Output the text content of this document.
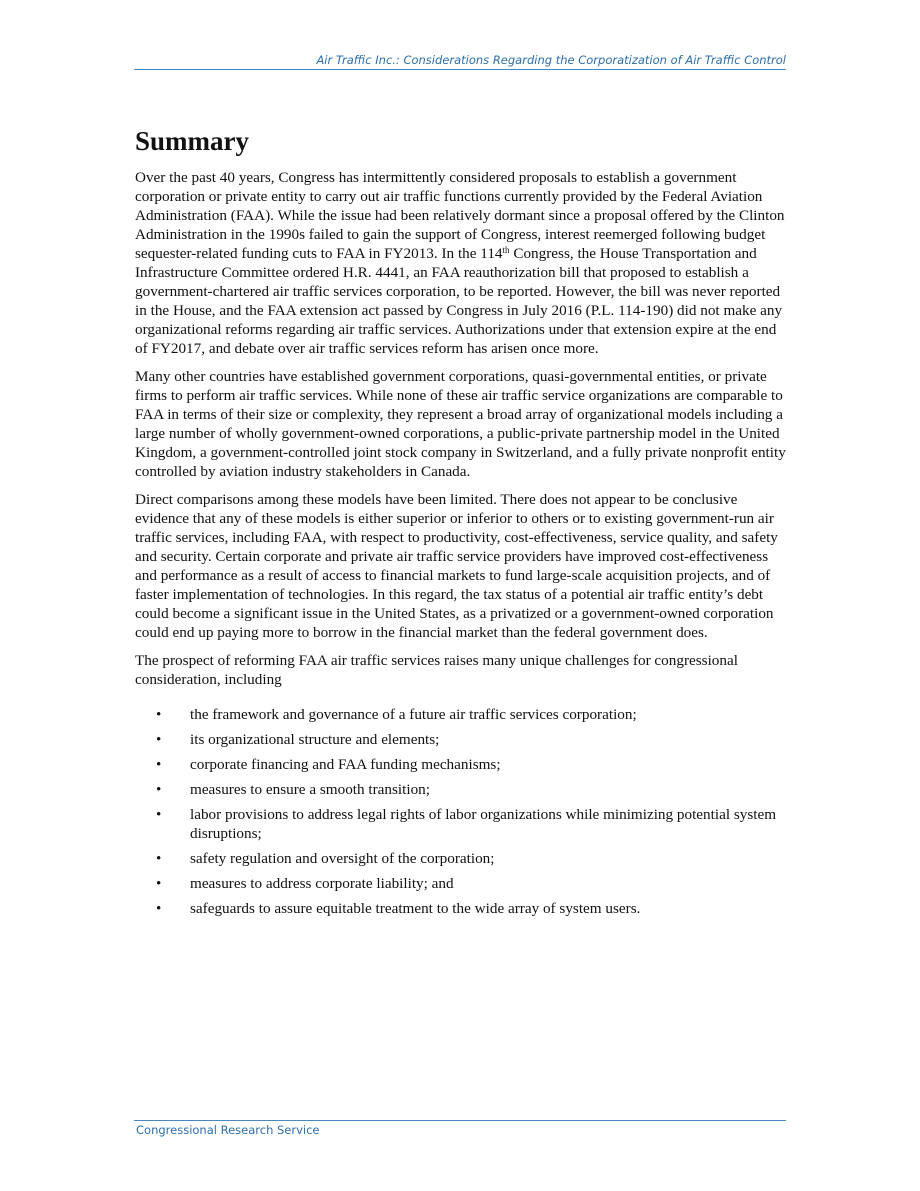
Air Traffic Inc.: Considerations Regarding the Corporatization of Air Traffic Control
Summary

Over the past 40 years, Congress has intermittently considered proposals to establish a government corporation or private entity to carry out air traffic functions currently provided by the Federal Aviation Administration (FAA). While the issue had been relatively dormant since a proposal offered by the Clinton Administration in the 1990s failed to gain the support of Congress, interest reemerged following budget sequester-related funding cuts to FAA in FY2013. In the 114th Congress, the House Transportation and Infrastructure Committee ordered H.R. 4441, an FAA reauthorization bill that proposed to establish a government-chartered air traffic services corporation, to be reported. However, the bill was never reported in the House, and the FAA extension act passed by Congress in July 2016 (P.L. 114-190) did not make any organizational reforms regarding air traffic services. Authorizations under that extension expire at the end of FY2017, and debate over air traffic services reform has arisen once more.

Many other countries have established government corporations, quasi-governmental entities, or private firms to perform air traffic services. While none of these air traffic service organizations are comparable to FAA in terms of their size or complexity, they represent a broad array of organizational models including a large number of wholly government-owned corporations, a public-private partnership model in the United Kingdom, a government-controlled joint stock company in Switzerland, and a fully private nonprofit entity controlled by aviation industry stakeholders in Canada.

Direct comparisons among these models have been limited. There does not appear to be conclusive evidence that any of these models is either superior or inferior to others or to existing government-run air traffic services, including FAA, with respect to productivity, cost-effectiveness, service quality, and safety and security. Certain corporate and private air traffic service providers have improved cost-effectiveness and performance as a result of access to financial markets to fund large-scale acquisition projects, and of faster implementation of technologies. In this regard, the tax status of a potential air traffic entity’s debt could become a significant issue in the United States, as a privatized or a government-owned corporation could end up paying more to borrow in the financial market than the federal government does.

The prospect of reforming FAA air traffic services raises many unique challenges for congressional consideration, including

• the framework and governance of a future air traffic services corporation;
• its organizational structure and elements;
• corporate financing and FAA funding mechanisms;
• measures to ensure a smooth transition;
• labor provisions to address legal rights of labor organizations while minimizing potential system disruptions;
• safety regulation and oversight of the corporation;
• measures to address corporate liability; and
• safeguards to assure equitable treatment to the wide array of system users.
Congressional Research Service
